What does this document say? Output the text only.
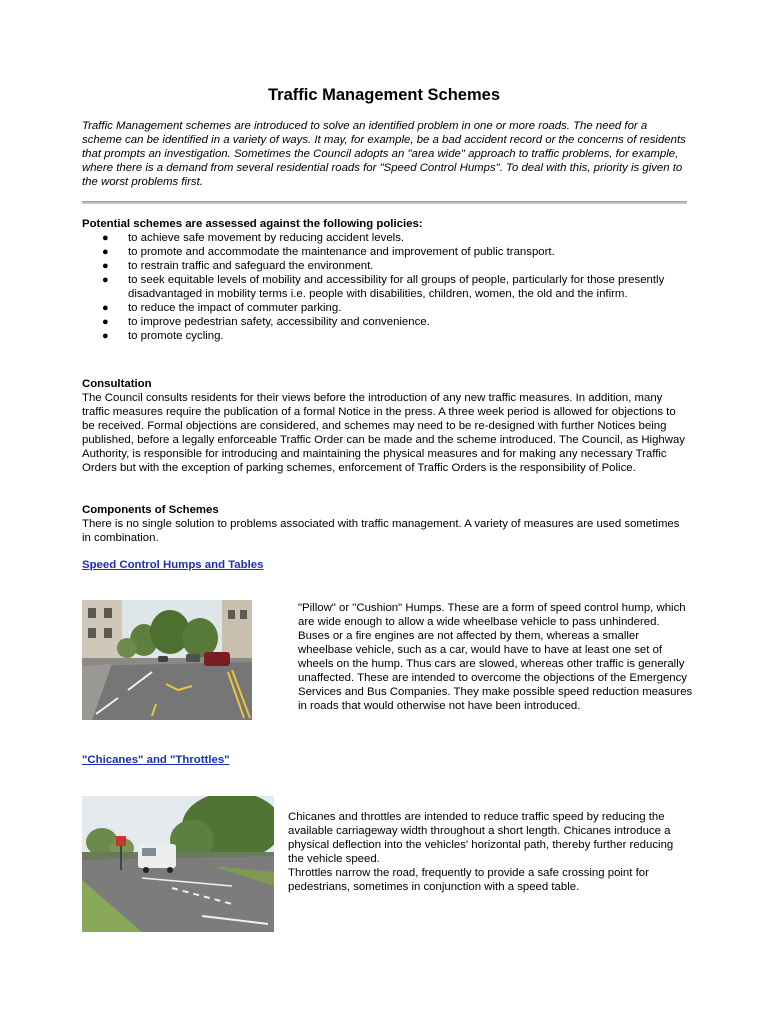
Traffic Management Schemes

Traffic Management schemes are introduced to solve an identified problem in one or more roads. The need for a scheme can be identified in a variety of ways. It may, for example, be a bad accident record or the concerns of residents that prompts an investigation. Sometimes the Council adopts an "area wide" approach to traffic problems, for example, where there is a demand from several residential roads for "Speed Control Humps". To deal with this, priority is given to the worst problems first.

Potential schemes are assessed against the following policies:
● to achieve safe movement by reducing accident levels.
● to promote and accommodate the maintenance and improvement of public transport.
● to restrain traffic and safeguard the environment.
● to seek equitable levels of mobility and accessibility for all groups of people, particularly for those presently disadvantaged in mobility terms i.e. people with disabilities, children, women, the old and the infirm.
● to reduce the impact of commuter parking.
● to improve pedestrian safety, accessibility and convenience.
● to promote cycling.
Consultation

The Council consults residents for their views before the introduction of any new traffic measures. In addition, many traffic measures require the publication of a formal Notice in the press. A three week period is allowed for objections to be received. Formal objections are considered, and schemes may need to be re-designed with further Notices being published, before a legally enforceable Traffic Order can be made and the scheme introduced. The Council, as Highway Authority, is responsible for introducing and maintaining the physical measures and for making any necessary Traffic Orders but with the exception of parking schemes, enforcement of Traffic Orders is the responsibility of Police.

Components of Schemes

There is no single solution to problems associated with traffic management. A variety of measures are used sometimes in combination.

Speed Control Humps and Tables

"Pillow" or "Cushion" Humps. These are a form of speed control hump, which are wide enough to allow a wide wheelbase vehicle to pass unhindered. Buses or a fire engines are not affected by them, whereas a smaller wheelbase vehicle, such as a car, would have to have at least one set of wheels on the hump. Thus cars are slowed, whereas other traffic is generally unaffected. These are intended to overcome the objections of the Emergency Services and Bus Companies. They make possible speed reduction measures in roads that would otherwise not have been introduced.

"Chicanes" and "Throttles"

Chicanes and throttles are intended to reduce traffic speed by reducing the available carriageway width throughout a short length. Chicanes introduce a physical deflection into the vehicles' horizontal path, thereby further reducing the vehicle speed.

Throttles narrow the road, frequently to provide a safe crossing point for pedestrians, sometimes in conjunction with a speed table.
